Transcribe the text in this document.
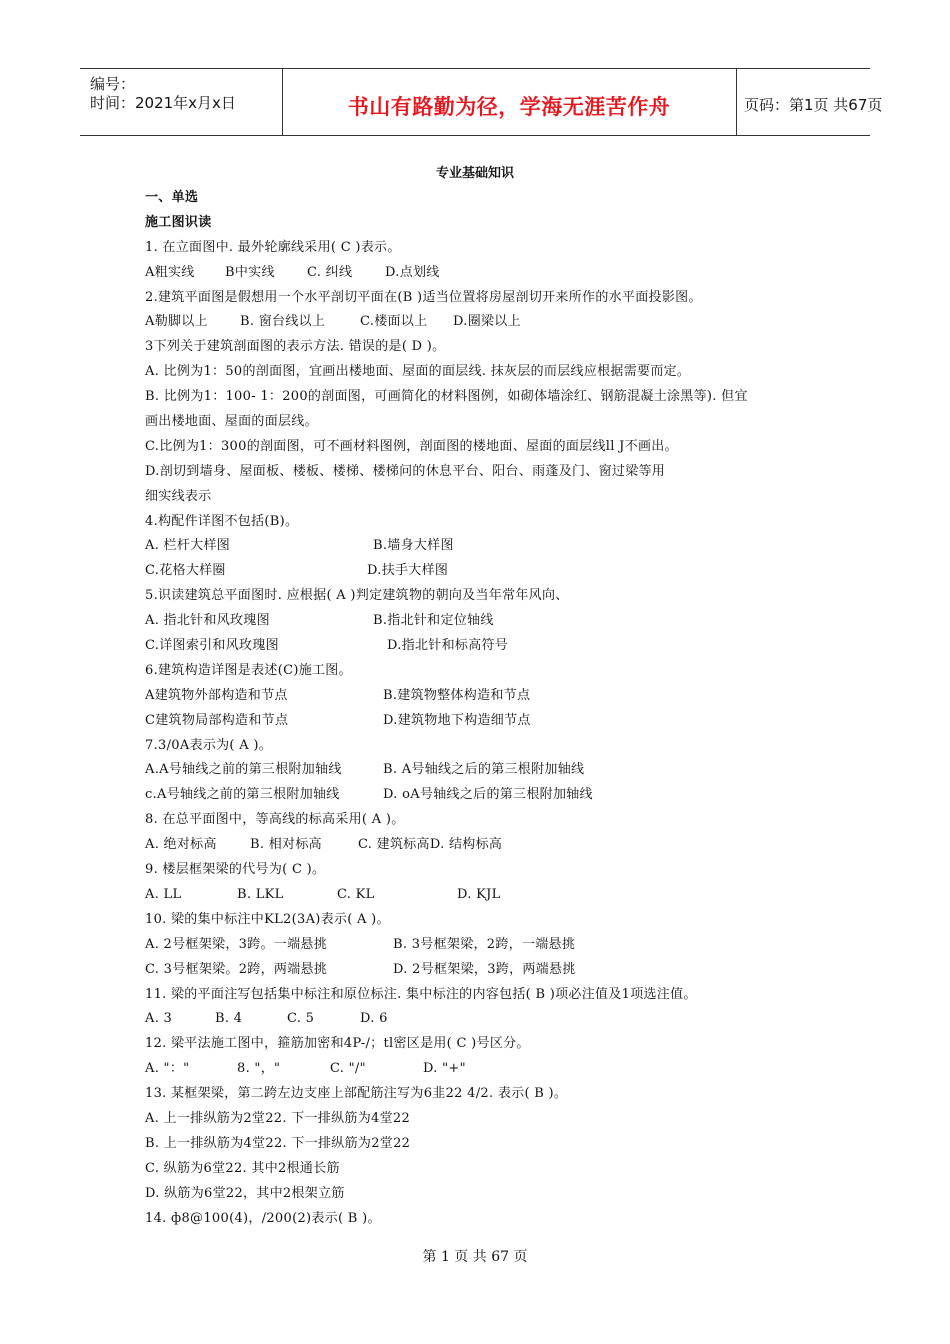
编号：
时间：2021年x月x日	书山有路勤为径，学海无涯苦作舟	页码：第1页 共67页
专业基础知识
一、单选
施工图识读
1. 在立面图中. 最外轮廓线采用( C )表示。
A粗实线 B中实线 C. 纠线	D.点划线
2.建筑平面图是假想用一个水平剖切平面在(B )适当位置将房屋剖切开来所作的水平面投影图。
A勒脚以上 B. 窗台线以上	C.楼面以上 D.圈梁以上
3下列关于建筑剖面图的表示方法. 错误的是( D )。
A. 比例为1：50的剖面图，宜画出楼地面、屋面的面层线. 抹灰层的而层线应根据需要而定。
B. 比例为1：100- 1：200的剖面图，可画简化的材料图例，如砌体墙涂红、钢筋混凝土涂黑等). 但宜
画出楼地面、屋面的面层线。
C.比例为1：300的剖面图，可不画材料图例，剖面图的楼地面、屋面的面层线ll J不画出。
D.剖切到墙身、屋面板、楼板、楼梯、楼梯问的休息平台、阳台、雨蓬及门、窗过梁等用
细实线表示
4.构配件详图不包括(B)。
A. 栏杆大样图	B.墙身大样图
C.花格大样圈	D.扶手大样图
5.识读建筑总平面图时. 应根据( A )判定建筑物的朝向及当年常年风向、
A. 指北针和风玫瑰图	B.指北针和定位轴线
C.详图索引和风玫瑰图	D.指北针和标高符号
6.建筑构造详图是表述(C)施工图。
A建筑物外部构造和节点	B.建筑物整体构造和节点
C建筑物局部构造和节点	D.建筑物地下构造细节点
7.3/0A表示为( A )。
A.A号轴线之前的第三根附加轴线	B. A号轴线之后的第三根附加轴线
c.A号轴线之前的第三根附加轴线	D. oA号轴线之后的第三根附加轴线
8. 在总平面图中，等高线的标高采用( A )。
A. 绝对标高	B. 相对标高	C. 建筑标高D. 结构标高
9. 楼层框架梁的代号为( C )。
A. LL	B. LKL	C. KL	D. KJL
10. 梁的集中标注中KL2(3A)表示( A )。
A. 2号框架梁，3跨。一端悬挑	B. 3号框架梁，2跨，一端悬挑
C. 3号框架梁。2跨，两端悬挑	D. 2号框架梁，3跨，两端悬挑
11. 梁的平面注写包括集中标注和原位标注. 集中标注的内容包括( B )项必注值及1项选注值。
A. 3	B. 4	C. 5	D. 6
12. 梁平法施工图中，箍筋加密和4P-/；tl密区是用( C )号区分。
A. "："	8. "，"	C. "/"	D. "+"
13. 某框架梁，第二跨左边支座上部配筋注写为6韭22 4/2. 表示( B )。
A. 上一排纵筋为2堂22. 下一排纵筋为4堂22
B. 上一排纵筋为4堂22. 下一排纵筋为2堂22
C. 纵筋为6堂22. 其中2根通长筋
D. 纵筋为6堂22，其中2根架立筋
14. ф8@100(4)，/200(2)表示( B )。
第 1 页 共 67 页
